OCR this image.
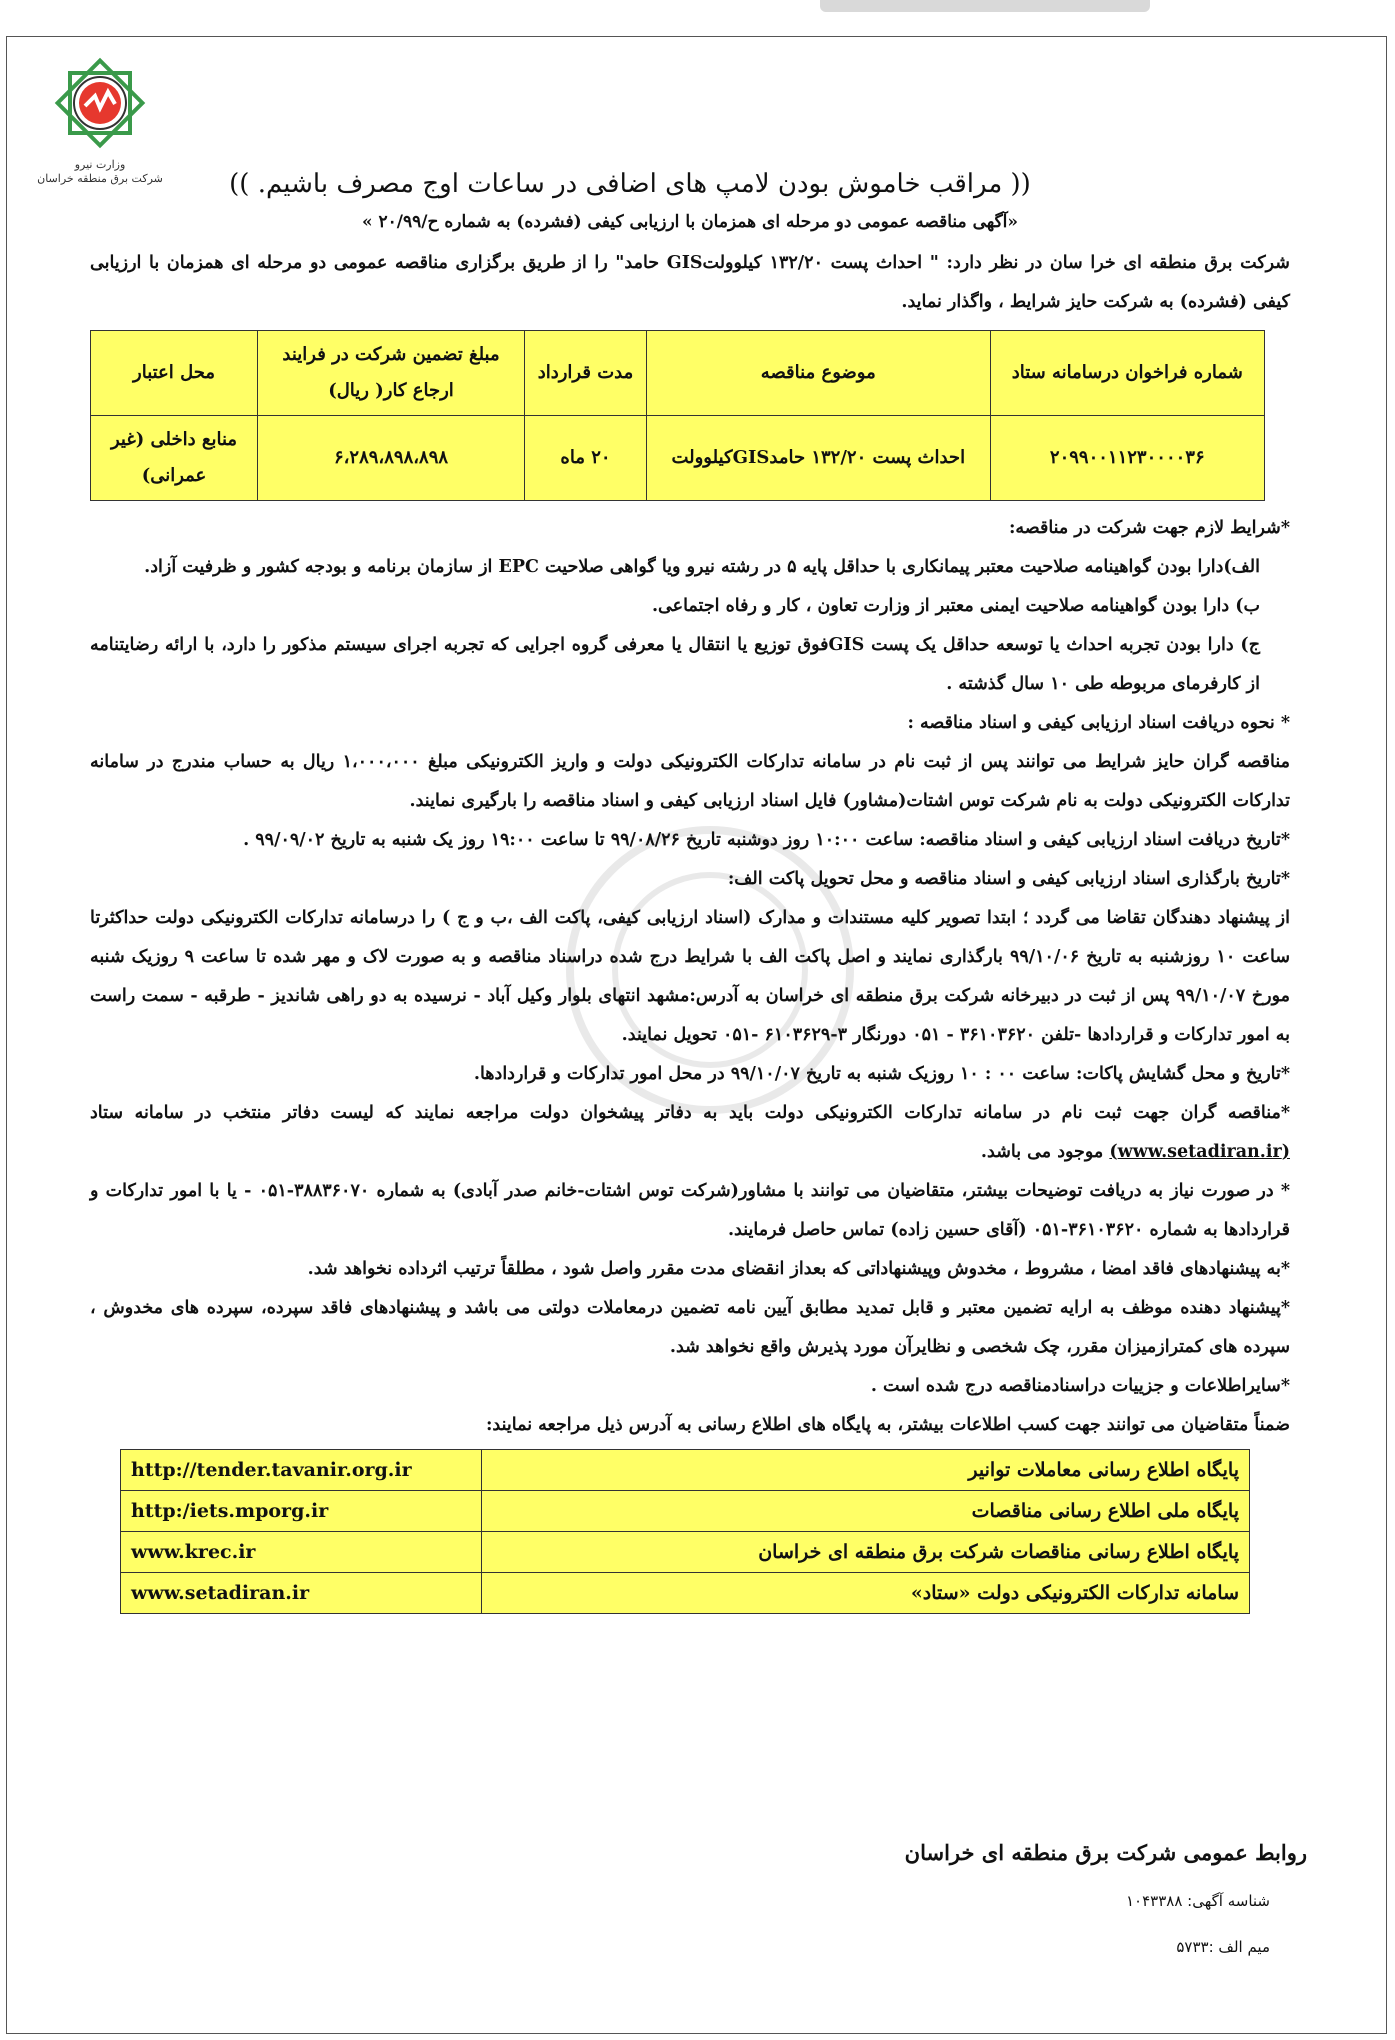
وزارت نیرو
شرکت برق منطقه خراسان	(( مراقب خاموش بودن لامپ های اضافی در ساعات اوج مصرف باشیم. ))
«آگهی مناقصه عمومی دو مرحله ای همزمان با ارزیابی کیفی (فشرده) به شماره ح/۲۰/۹۹ »

شرکت برق منطقه ای خرا سان در نظر دارد: " احداث پست ۱۳۲/۲۰ کیلوولتGIS حامد" را از طریق برگزاری مناقصه عمومی دو مرحله ای همزمان با ارزیابی کیفی (فشرده) به شرکت حایز شرایط ، واگذار نماید.

شماره فراخوان درسامانه ستاد	موضوع مناقصه	مدت قرارداد	مبلغ تضمین شرکت در فرایند ارجاع کار( ریال)	محل اعتبار
۲۰۹۹۰۰۱۱۲۳۰۰۰۰۳۶	احداث پست ۱۳۲/۲۰ حامدGISکیلوولت	۲۰ ماه	۶،۲۸۹،۸۹۸،۸۹۸	منابع داخلی (غیر عمرانی)

*شرایط لازم جهت شرکت در مناقصه:

الف)دارا بودن گواهینامه صلاحیت معتبر پیمانکاری با حداقل پایه ۵ در رشته نیرو ویا گواهی صلاحیت EPC از سازمان برنامه و بودجه کشور و ظرفیت آزاد.

ب) دارا بودن گواهینامه صلاحیت ایمنی معتبر از وزارت تعاون ، کار و رفاه اجتماعی.

ج) دارا بودن تجربه احداث یا توسعه حداقل یک پست GISفوق توزیع یا انتقال یا معرفی گروه اجرایی که تجربه اجرای سیستم مذکور را دارد، با ارائه رضایتنامه از کارفرمای مربوطه طی ۱۰ سال گذشته .

* نحوه دریافت اسناد ارزیابی کیفی و اسناد مناقصه :

مناقصه گران حایز شرایط می توانند پس از ثبت نام در سامانه تدارکات الکترونیکی دولت و واریز الکترونیکی مبلغ ۱،۰۰۰،۰۰۰ ریال به حساب مندرج در سامانه تدارکات الکترونیکی دولت به نام شرکت توس اشتات(مشاور) فایل اسناد ارزیابی کیفی و اسناد مناقصه را بارگیری نمایند.

*تاریخ دریافت اسناد ارزیابی کیفی و اسناد مناقصه: ساعت ۱۰:۰۰ روز دوشنبه تاریخ ۹۹/۰۸/۲۶ تا ساعت ۱۹:۰۰ روز یک شنبه به تاریخ ۹۹/۰۹/۰۲ .

*تاریخ بارگذاری اسناد ارزیابی کیفی و اسناد مناقصه و محل تحویل پاکت الف:

از پیشنهاد دهندگان تقاضا می گردد ؛ ابتدا تصویر کلیه مستندات و مدارک (اسناد ارزیابی کیفی، پاکت الف ،ب و ج ) را درسامانه تدارکات الکترونیکی دولت حداکثرتا ساعت ۱۰ روزشنبه به تاریخ ۹۹/۱۰/۰۶ بارگذاری نمایند و اصل پاکت الف با شرایط درج شده دراسناد مناقصه و به صورت لاک و مهر شده تا ساعت ۹ روزیک شنبه مورخ ۹۹/۱۰/۰۷ پس از ثبت در دبیرخانه شرکت برق منطقه ای خراسان به آدرس:مشهد انتهای بلوار وکیل آباد - نرسیده به دو راهی شاندیز - طرقبه - سمت راست به امور تدارکات و قراردادها -تلفن ۳۶۱۰۳۶۲۰ - ۰۵۱ دورنگار ۳-۶۱۰۳۶۲۹ -۰۵۱ تحویل نمایند.

*تاریخ و محل گشایش پاکات: ساعت ۰۰ : ۱۰ روزیک شنبه به تاریخ ۹۹/۱۰/۰۷ در محل امور تدارکات و قراردادها.

*مناقصه گران جهت ثبت نام در سامانه تدارکات الکترونیکی دولت باید به دفاتر پیشخوان دولت مراجعه نمایند که لیست دفاتر منتخب در سامانه ستاد (www.setadiran.ir) موجود می باشد.

* در صورت نیاز به دریافت توضیحات بیشتر، متقاضیان می توانند با مشاور(شرکت توس اشتات-خانم صدر آبادی) به شماره ۳۸۸۳۶۰۷۰-۰۵۱ - یا با امور تدارکات و قراردادها به شماره ۳۶۱۰۳۶۲۰-۰۵۱ (آقای حسین زاده) تماس حاصل فرمایند.

*به پیشنهادهای فاقد امضا ، مشروط ، مخدوش وپیشنهاداتی که بعداز انقضای مدت مقرر واصل شود ، مطلقاً ترتیب اثرداده نخواهد شد.

*پیشنهاد دهنده موظف به ارایه تضمین معتبر و قابل تمدید مطابق آیین نامه تضمین درمعاملات دولتی می باشد و پیشنهادهای فاقد سپرده، سپرده های مخدوش ، سپرده های کمترازمیزان مقرر، چک شخصی و نظایرآن مورد پذیرش واقع نخواهد شد.

*سایراطلاعات و جزییات دراسنادمناقصه درج شده است .

ضمناً متقاضیان می توانند جهت کسب اطلاعات بیشتر، به پایگاه های اطلاع رسانی به آدرس ذیل مراجعه نمایند:

پایگاه اطلاع رسانی معاملات توانیر	http://tender.tavanir.org.ir
پایگاه ملی اطلاع رسانی مناقصات	http:/iets.mporg.ir
پایگاه اطلاع رسانی مناقصات شرکت برق منطقه ای خراسان	www.krec.ir
سامانه تدارکات الکترونیکی دولت «ستاد»	www.setadiran.ir
روابط عمومی شرکت برق منطقه ای خراسان
شناسه آگهی: ۱۰۴۳۳۸۸
میم الف :۵۷۳۳
